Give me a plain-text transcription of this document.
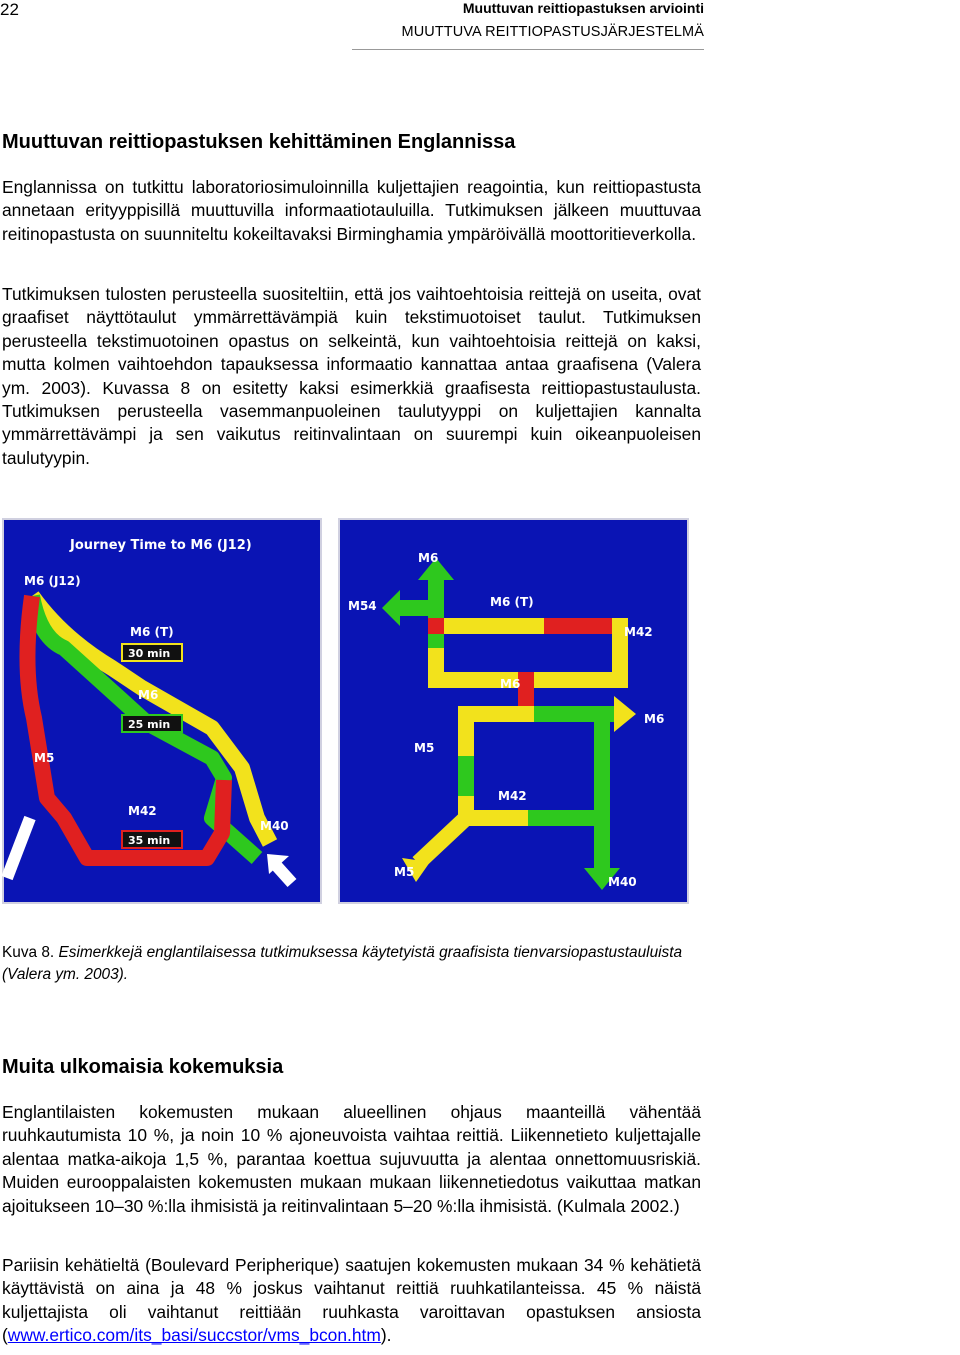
22	Muuttuvan reittiopastuksen arviointi
MUUTTUVA REITTIOPASTUSJÄRJESTELMÄ
Muuttuvan reittiopastuksen kehittäminen Englannissa

Englannissa on tutkittu laboratoriosimuloinnilla kuljettajien reagointia, kun reittiopastusta annetaan erityyppisillä muuttuvilla informaatiotauluilla. Tutkimuksen jälkeen muuttuvaa reitinopastusta on suunniteltu kokeiltavaksi Birminghamia ympäröivällä moottoritieverkolla.

Tutkimuksen tulosten perusteella suositeltiin, että jos vaihtoehtoisia reittejä on useita, ovat graafiset näyttötaulut ymmärrettävämpiä kuin tekstimuotoiset taulut. Tutkimuksen perusteella tekstimuotoinen opastus on selkeintä, kun vaihtoehtoisia reittejä on kaksi, mutta kolmen vaihtoehdon tapauksessa informaatio kannattaa antaa graafisena (Valera ym. 2003). Kuvassa 8 on esitetty kaksi esimerkkiä graafisesta reittiopastustaulusta. Tutkimuksen perusteella vasemmanpuoleinen taulutyyppi on kuljettajien kannalta ymmärrettävämpi ja sen vaikutus reitinvalintaan on suurempi kuin oikeanpuoleisen taulutyypin.

Journey Time to M6 (J12)
M6 (J12)
M6 (T)
30 min
M6
25 min
M5
M42
35 min
M40
M6
M54	M6 (T)
M42
M6
M6
M5
M42
M5
M40

Kuva 8. Esimerkkejä englantilaisessa tutkimuksessa käytetyistä graafisista tienvarsiopastustauluista (Valera ym. 2003).

Muita ulkomaisia kokemuksia

Englantilaisten kokemusten mukaan alueellinen ohjaus maanteillä vähentää ruuhkautumista 10 %, ja noin 10 % ajoneuvoista vaihtaa reittiä. Liikennetieto kuljettajalle alentaa matka-aikoja 1,5 %, parantaa koettua sujuvuutta ja alentaa onnettomuusriskiä. Muiden eurooppalaisten kokemusten mukaan mukaan liikennetiedotus vaikuttaa matkan ajoitukseen 10–30 %:lla ihmisistä ja reitinvalintaan 5–20 %:lla ihmisistä. (Kulmala 2002.)

Pariisin kehätieltä (Boulevard Peripherique) saatujen kokemusten mukaan 34 % kehätietä käyttävistä on aina ja 48 % joskus vaihtanut reittiä ruuhkatilanteissa. 45 % näistä kuljettajista oli vaihtanut reittiään ruuhkasta varoittavan opastuksen ansiosta (www.ertico.com/its_basi/succstor/vms_bcon.htm).
